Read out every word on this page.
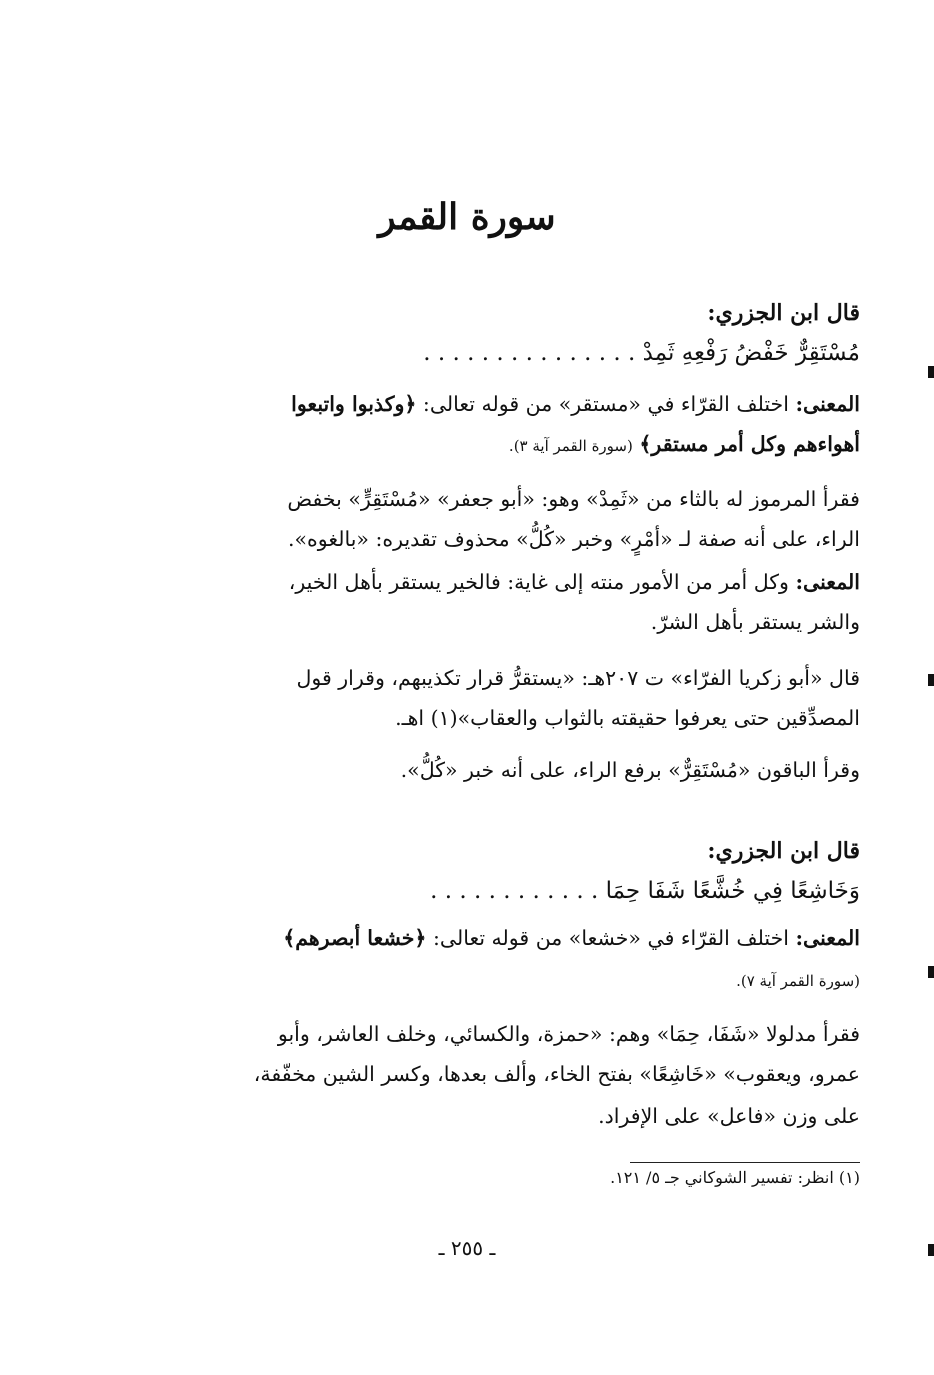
سورة القمر
قال ابن الجزري:
مُسْتَقِرٌّ خَفْضُ رَفْعِهِ ثَمِدْ . . . . . . . . . . . . . . .
المعنى: اختلف القرّاء في «مستقر» من قوله تعالى: ﴿وكذبوا واتبعوا
أهواءهم وكل أمر مستقر﴾ (سورة القمر آية ٣).
فقرأ المرموز له بالثاء من «ثَمِدْ» وهو: «أبو جعفر» «مُسْتَقِرٍّ» بخفض
الراء، على أنه صفة لـ «أمْرٍ» وخبر «كُلُّ» محذوف تقديره: «بالغوه».
المعنى: وكل أمر من الأمور منته إلى غاية: فالخير يستقر بأهل الخير،
والشر يستقر بأهل الشرّ.
قال «أبو زكريا الفرّاء» ت ٢٠٧هـ: «يستقرُّ قرار تكذيبهم، وقرار قول
المصدِّقين حتى يعرفوا حقيقته بالثواب والعقاب»(١) اهـ.
وقرأ الباقون «مُسْتَقِرٌّ» برفع الراء، على أنه خبر «كُلُّ».
قال ابن الجزري:
وَخَاشِعًا فِي خُشَّعًا شَفَا حِمَا . . . . . . . . . . . .
المعنى: اختلف القرّاء في «خشعا» من قوله تعالى: ﴿خشعا أبصرهم﴾
(سورة القمر آية ٧).
فقرأ مدلولا «شَفَا، حِمَا» وهم: «حمزة، والكسائي، وخلف العاشر، وأبو
عمرو، ويعقوب» «خَاشِعًا» بفتح الخاء، وألف بعدها، وكسر الشين مخفّفة،
على وزن «فاعل» على الإفراد.
(١) انظر: تفسير الشوكاني جـ ٥/ ١٢١.
ـ ٢٥٥ ـ
